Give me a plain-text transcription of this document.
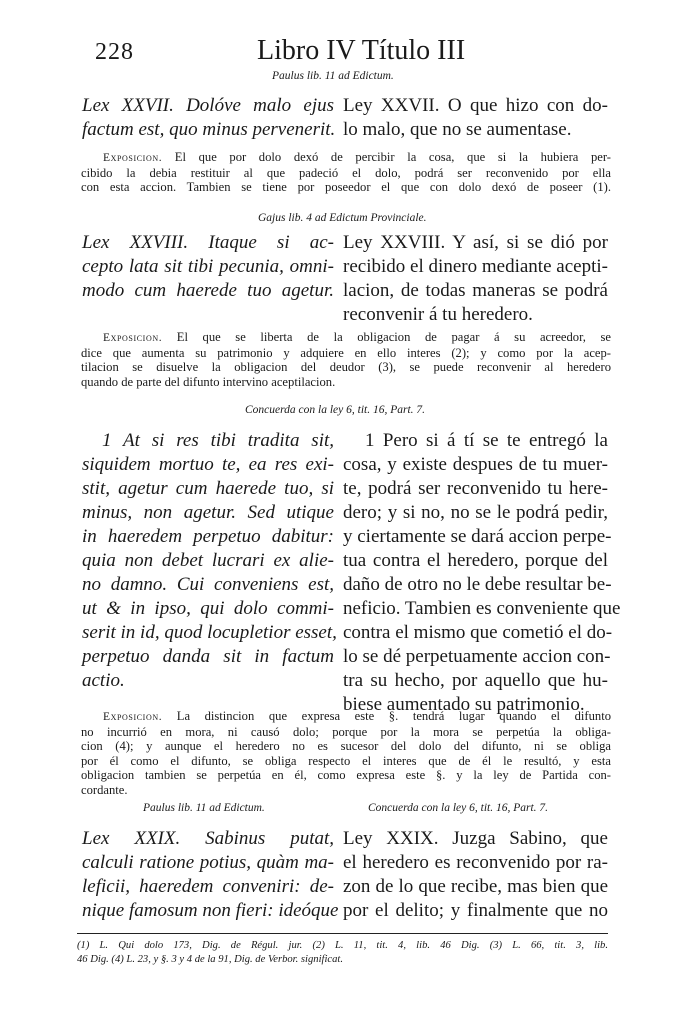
228	Libro IV Título III
Paulus lib. 11 ad Edictum.
Lex XXVII. Dolóve malo ejus
factum est, quo minus pervenerit.
Ley XXVII. O que hizo con do-
lo malo, que no se aumentase.
Exposicion. El que por dolo dexó de percibir la cosa, que si la hubiera per-
cibido la debia restituir al que padeció el dolo, podrá ser reconvenido por ella
con esta accion. Tambien se tiene por poseedor el que con dolo dexó de poseer (1).
Gajus lib. 4 ad Edictum Provinciale.
Lex XXVIII. Itaque si ac-
cepto lata sit tibi pecunia, omni-
modo cum haerede tuo agetur.
Ley XXVIII. Y así, si se dió por
recibido el dinero mediante acepti-
lacion, de todas maneras se podrá
reconvenir á tu heredero.
Exposicion. El que se liberta de la obligacion de pagar á su acreedor, se
dice que aumenta su patrimonio y adquiere en ello interes (2); y como por la acep-
tilacion se disuelve la obligacion del deudor (3), se puede reconvenir al heredero
quando de parte del difunto intervino aceptilacion.
Concuerda con la ley 6, tit. 16, Part. 7.
1 At si res tibi tradita sit,
siquidem mortuo te, ea res exi-
stit, agetur cum haerede tuo, si
minus, non agetur. Sed utique
in haeredem perpetuo dabitur:
quia non debet lucrari ex alie-
no damno. Cui conveniens est,
ut & in ipso, qui dolo commi-
serit in id, quod locupletior esset,
perpetuo danda sit in factum
actio.
1 Pero si á tí se te entregó la
cosa, y existe despues de tu muer-
te, podrá ser reconvenido tu here-
dero; y si no, no se le podrá pedir,
y ciertamente se dará accion perpe-
tua contra el heredero, porque del
daño de otro no le debe resultar be-
neficio. Tambien es conveniente que
contra el mismo que cometió el do-
lo se dé perpetuamente accion con-
tra su hecho, por aquello que hu-
biese aumentado su patrimonio.
Exposicion. La distincion que expresa este §. tendrá lugar quando el difunto
no incurrió en mora, ni causó dolo; porque por la mora se perpetúa la obliga-
cion (4); y aunque el heredero no es sucesor del dolo del difunto, ni se obliga
por él como el difunto, se obliga respecto el interes que de él le resultó, y esta
obligacion tambien se perpetúa en él, como expresa este §. y la ley de Partida con-
cordante.
Paulus lib. 11 ad Edictum.	Concuerda con la ley 6, tit. 16, Part. 7.
Lex XXIX. Sabinus putat,
calculi ratione potius, quàm ma-
leficii, haeredem conveniri: de-
nique famosum non fieri: ideóque
Ley XXIX. Juzga Sabino, que
el heredero es reconvenido por ra-
zon de lo que recibe, mas bien que
por el delito; y finalmente que no
(1) L. Qui dolo 173, Dig. de Régul. jur. (2) L. 11, tit. 4, lib. 46 Dig. (3) L. 66, tit. 3, lib.
46 Dig. (4) L. 23, y §. 3 y 4 de la 91, Dig. de Verbor. significat.
